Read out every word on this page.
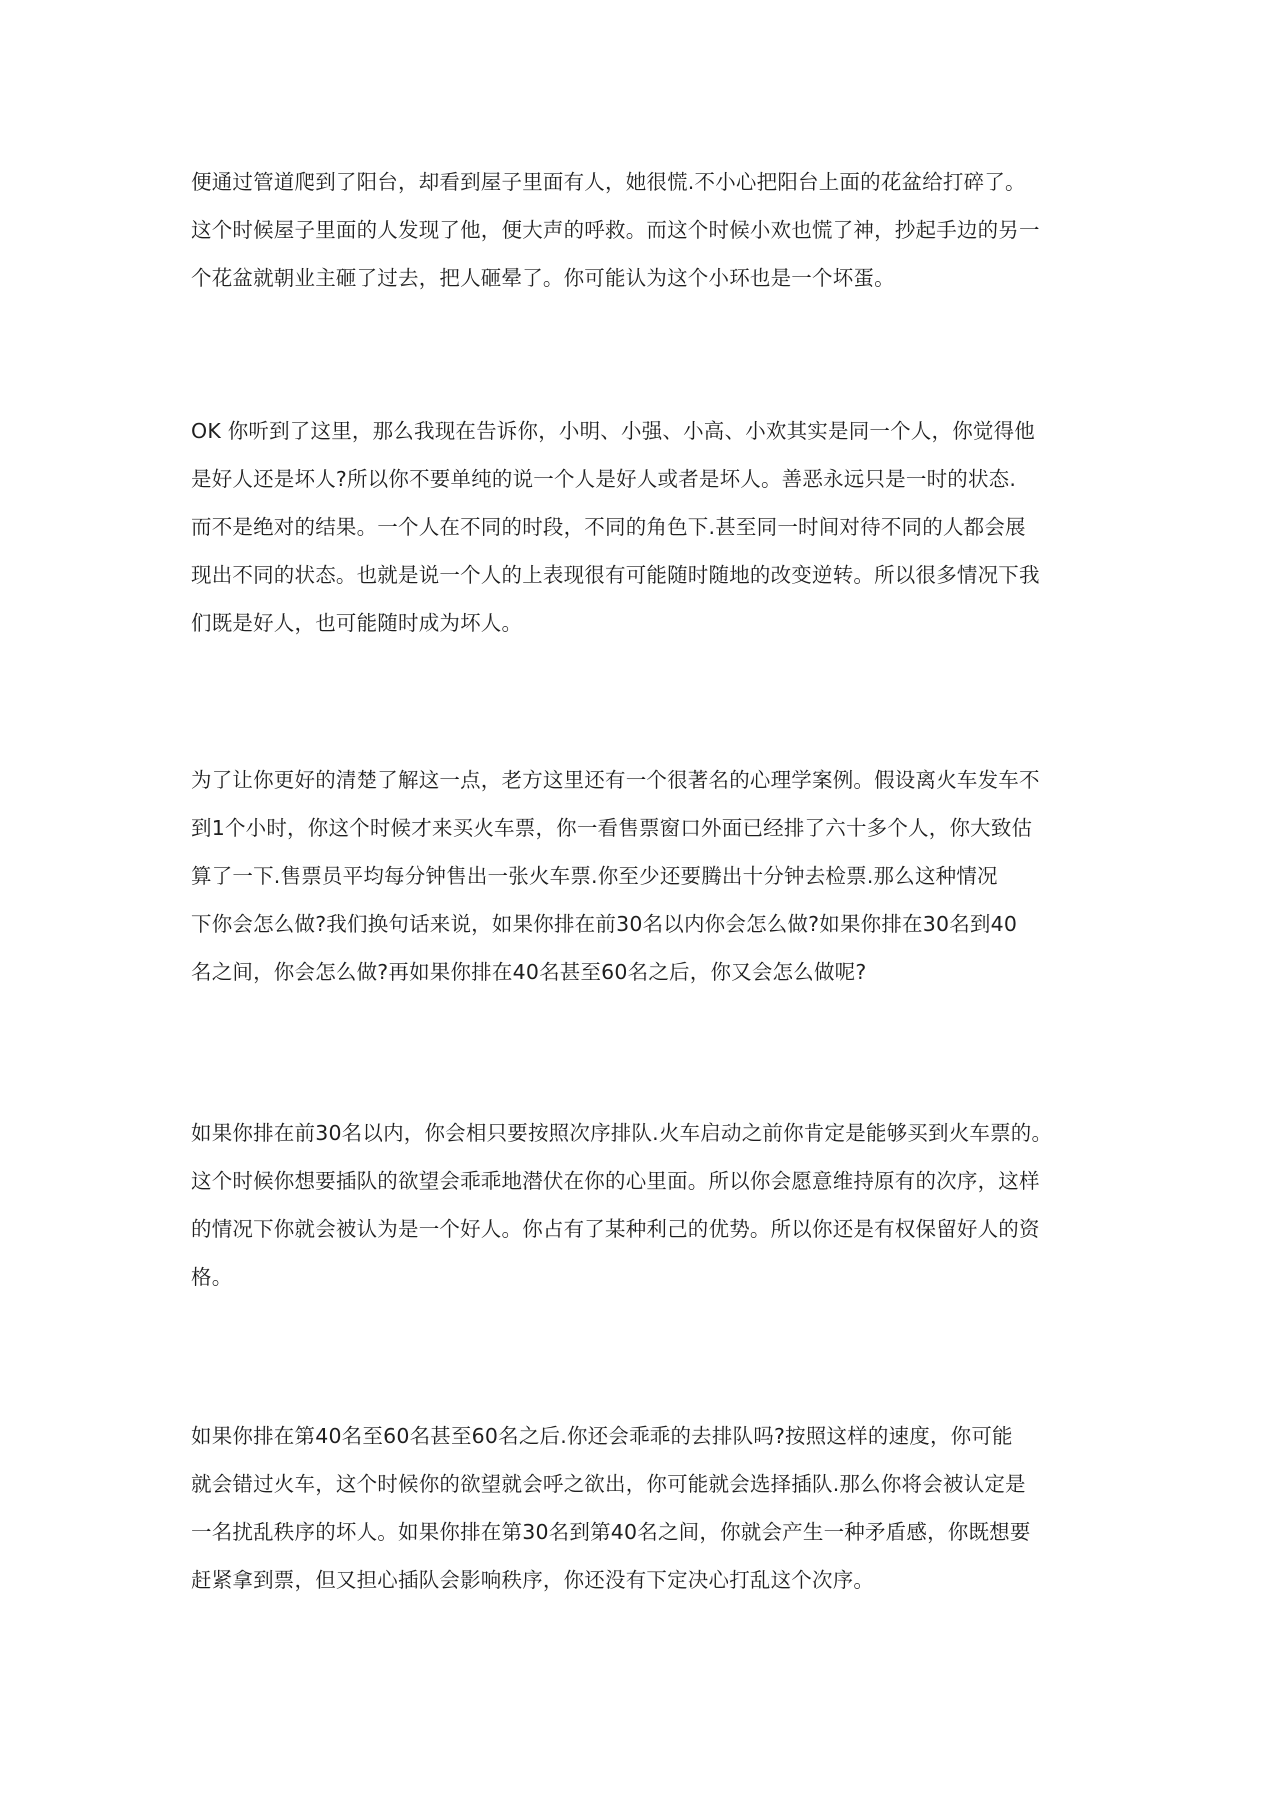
便通过管道爬到了阳台，却看到屋子里面有人，她很慌.不小心把阳台上面的花盆给打碎了。
这个时候屋子里面的人发现了他，便大声的呼救。而这个时候小欢也慌了神，抄起手边的另一
个花盆就朝业主砸了过去，把人砸晕了。你可能认为这个小环也是一个坏蛋。

OK 你听到了这里，那么我现在告诉你，小明、小强、小高、小欢其实是同一个人，你觉得他
是好人还是坏人?所以你不要单纯的说一个人是好人或者是坏人。善恶永远只是一时的状态.
而不是绝对的结果。一个人在不同的时段，不同的角色下.甚至同一时间对待不同的人都会展
现出不同的状态。也就是说一个人的上表现很有可能随时随地的改变逆转。所以很多情况下我
们既是好人，也可能随时成为坏人。

为了让你更好的清楚了解这一点，老方这里还有一个很著名的心理学案例。假设离火车发车不
到1个小时，你这个时候才来买火车票，你一看售票窗口外面已经排了六十多个人，你大致估
算了一下.售票员平均每分钟售出一张火车票.你至少还要腾出十分钟去检票.那么这种情况
下你会怎么做?我们换句话来说，如果你排在前30名以内你会怎么做?如果你排在30名到40
名之间，你会怎么做?再如果你排在40名甚至60名之后，你又会怎么做呢?

如果你排在前30名以内，你会相只要按照次序排队.火车启动之前你肯定是能够买到火车票的。
这个时候你想要插队的欲望会乖乖地潜伏在你的心里面。所以你会愿意维持原有的次序，这样
的情况下你就会被认为是一个好人。你占有了某种利己的优势。所以你还是有权保留好人的资
格。

如果你排在第40名至60名甚至60名之后.你还会乖乖的去排队吗?按照这样的速度，你可能
就会错过火车，这个时候你的欲望就会呼之欲出，你可能就会选择插队.那么你将会被认定是
一名扰乱秩序的坏人。如果你排在第30名到第40名之间，你就会产生一种矛盾感，你既想要
赶紧拿到票，但又担心插队会影响秩序，你还没有下定决心打乱这个次序。
